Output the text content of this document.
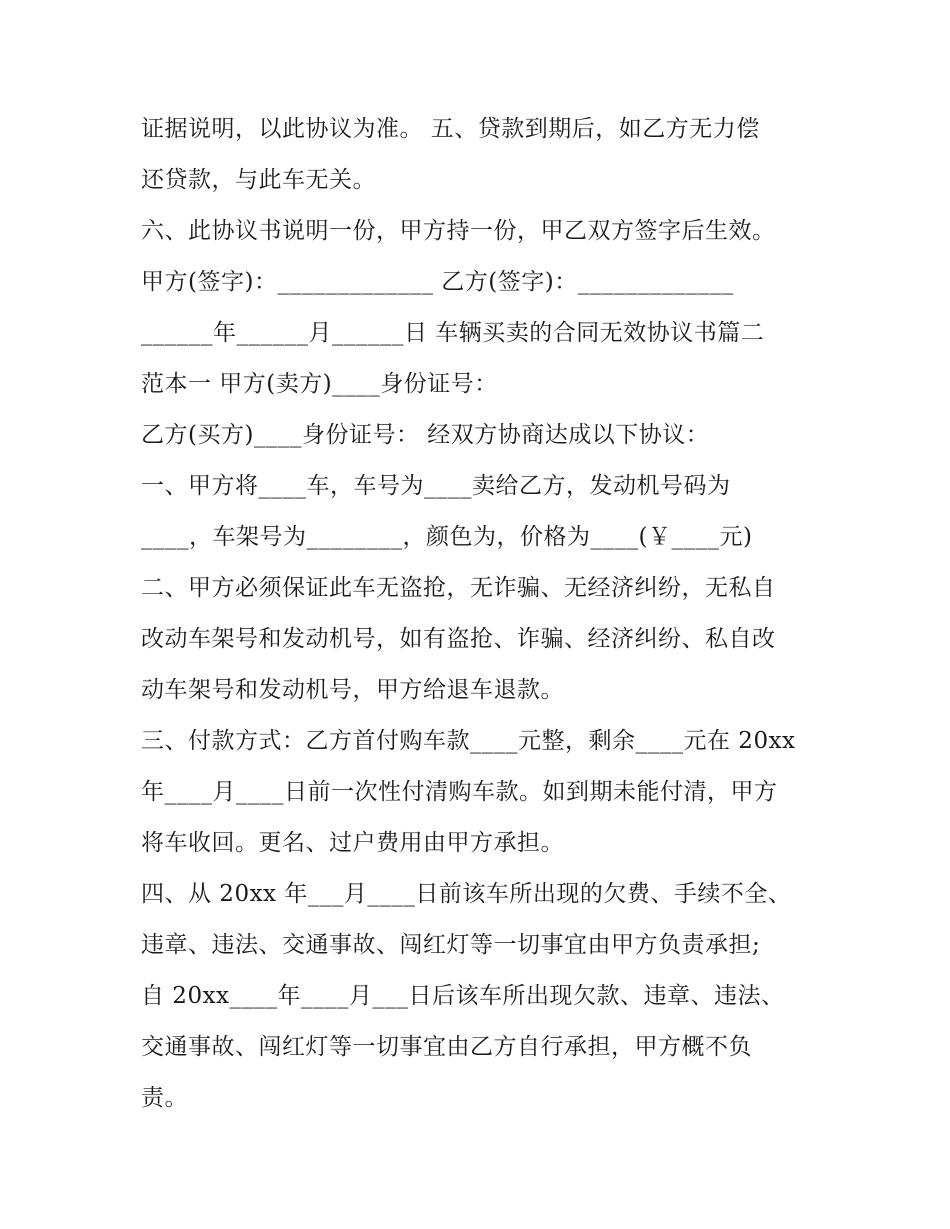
证据说明，以此协议为准。 五、贷款到期后，如乙方无力偿
还贷款，与此车无关。
六、此协议书说明一份，甲方持一份，甲乙双方签字后生效。
甲方(签字)：_____________ 乙方(签字)：_____________
______年______月______日 车辆买卖的合同无效协议书篇二
范本一 甲方(卖方)____身份证号：
乙方(买方)____身份证号： 经双方协商达成以下协议：
一、甲方将____车，车号为____卖给乙方，发动机号码为
____，车架号为________，颜色为，价格为____(￥____元)
二、甲方必须保证此车无盗抢，无诈骗、无经济纠纷，无私自
改动车架号和发动机号，如有盗抢、诈骗、经济纠纷、私自改
动车架号和发动机号，甲方给退车退款。
三、付款方式：乙方首付购车款____元整，剩余____元在 20xx
年____月____日前一次性付清购车款。如到期未能付清，甲方
将车收回。更名、过户费用由甲方承担。
四、从 20xx 年___月____日前该车所出现的欠费、手续不全、
违章、违法、交通事故、闯红灯等一切事宜由甲方负责承担;
自 20xx____年____月___日后该车所出现欠款、违章、违法、
交通事故、闯红灯等一切事宜由乙方自行承担，甲方概不负
责。
